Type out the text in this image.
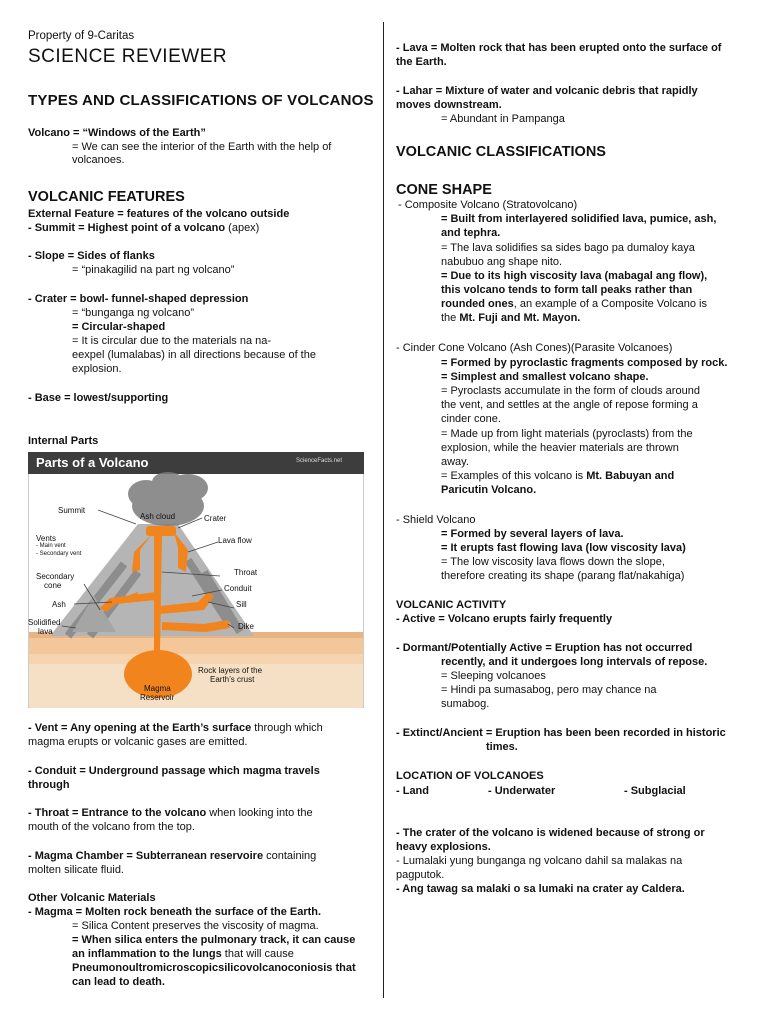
Property of 9-Caritas
SCIENCE REVIEWER
TYPES AND CLASSIFICATIONS OF VOLCANOS
Volcano = “Windows of the Earth”
= We can see the interior of the Earth with the help of
volcanoes.
VOLCANIC FEATURES
External Feature = features of the volcano outside
- Summit = Highest point of a volcano (apex)
- Slope = Sides of flanks
= “pinakagilid na part ng volcano”
- Crater = bowl- funnel-shaped depression
= “bunganga ng volcano”
= Circular-shaped
= It is circular due to the materials na na-
eexpel (lumalabas) in all directions because of the
explosion.
- Base = lowest/supporting
Internal Parts
Parts of a Volcano	ScienceFacts.net
Summit
Ash cloud	Crater
Vents
- Main vent
- Secondary vent
Lava flow
Throat
Secondary
cone	Conduit
Ash	Sill
Solidified
lava
Dike
Rock layers of the
Earth’s crust
Magma
Reservoir
- Vent = Any opening at the Earth’s surface through which
magma erupts or volcanic gases are emitted.
- Conduit = Underground passage which magma travels
through
- Throat = Entrance to the volcano when looking into the
mouth of the volcano from the top.
- Magma Chamber = Subterranean reservoire containing
molten silicate fluid.
Other Volcanic Materials
- Magma = Molten rock beneath the surface of the Earth.
= Silica Content preserves the viscosity of magma.
= When silica enters the pulmonary track, it can cause
an inflammation to the lungs that will cause
Pneumonoultromicroscopicsilicovolcanoconiosis that
can lead to death.
- Lava = Molten rock that has been erupted onto the surface of
the Earth.
- Lahar = Mixture of water and volcanic debris that rapidly
moves downstream.
= Abundant in Pampanga
VOLCANIC CLASSIFICATIONS
CONE SHAPE
- Composite Volcano (Stratovolcano)
= Built from interlayered solidified lava, pumice, ash,
and tephra.
= The lava solidifies sa sides bago pa dumaloy kaya
nabubuo ang shape nito.
= Due to its high viscosity lava (mabagal ang flow),
this volcano tends to form tall peaks rather than
rounded ones, an example of a Composite Volcano is
the Mt. Fuji and Mt. Mayon.
- Cinder Cone Volcano (Ash Cones)(Parasite Volcanoes)
= Formed by pyroclastic fragments composed by rock.
= Simplest and smallest volcano shape.
= Pyroclasts accumulate in the form of clouds around
the vent, and settles at the angle of repose forming a
cinder cone.
= Made up from light materials (pyroclasts) from the
explosion, while the heavier materials are thrown
away.
= Examples of this volcano is Mt. Babuyan and
Paricutin Volcano.
- Shield Volcano
= Formed by several layers of lava.
= It erupts fast flowing lava (low viscosity lava)
= The low viscosity lava flows down the slope,
therefore creating its shape (parang flat/nakahiga)
VOLCANIC ACTIVITY
- Active = Volcano erupts fairly frequently
- Dormant/Potentially Active = Eruption has not occurred
recently, and it undergoes long intervals of repose.
= Sleeping volcanoes
= Hindi pa sumasabog, pero may chance na
sumabog.
- Extinct/Ancient = Eruption has been been recorded in historic
times.
LOCATION OF VOLCANOES
- Land	- Underwater	- Subglacial
- The crater of the volcano is widened because of strong or
heavy explosions.
- Lumalaki yung bunganga ng volcano dahil sa malakas na
pagputok.
- Ang tawag sa malaki o sa lumaki na crater ay Caldera.
